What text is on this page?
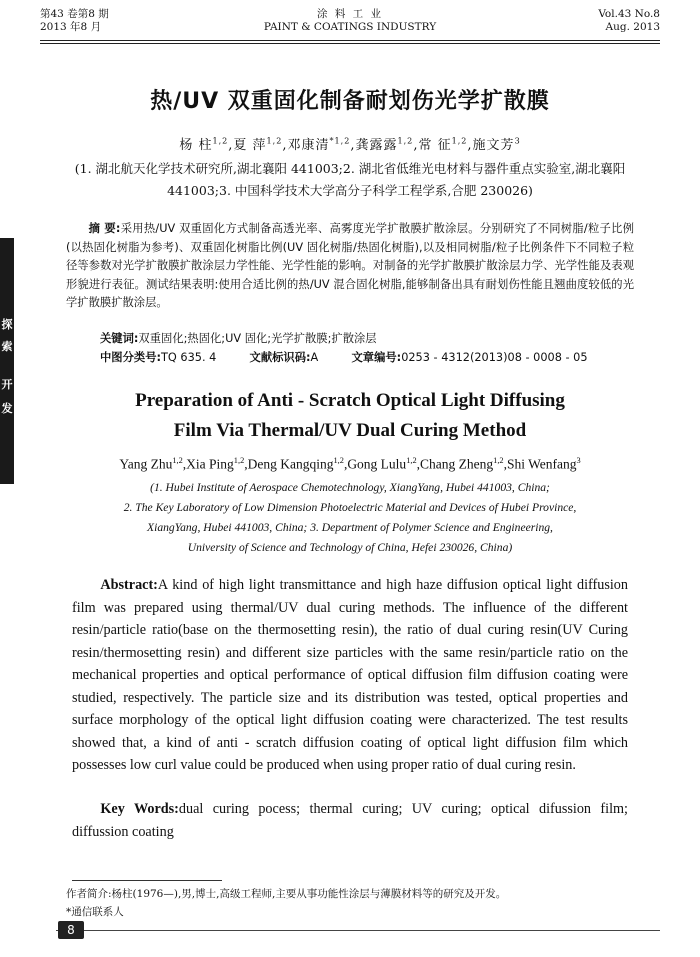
第43 卷第8 期
2013 年8 月
涂 料 工 业
PAINT & COATINGS INDUSTRY
Vol.43 No.8
Aug. 2013
探
索
开
发
热/UV 双重固化制备耐划伤光学扩散膜
杨 柱$^{1,2}$,夏 萍$^{1,2}$,邓康清$^{*1,2}$,龚露露$^{1,2}$,常 征$^{1,2}$,施文芳$^3$
(1. 湖北航天化学技术研究所,湖北襄阳 441003;2. 湖北省低维光电材料与器件重点实验室,湖北襄阳 441003;3. 中国科学技术大学高分子科学工程学系,合肥 230026)
摘 要:采用热/UV 双重固化方式制备高透光率、高雾度光学扩散膜扩散涂层。分别研究了不同树脂/粒子比例(以热固化树脂为参考)、双重固化树脂比例(UV 固化树脂/热固化树脂),以及相同树脂/粒子比例条件下不同粒子粒径等参数对光学扩散膜扩散涂层力学性能、光学性能的影响。对制备的光学扩散膜扩散涂层力学、光学性能及表观形貌进行表征。测试结果表明:使用合适比例的热/UV 混合固化树脂,能够制备出具有耐划伤性能且翘曲度较低的光学扩散膜扩散涂层。
关键词:双重固化;热固化;UV 固化;光学扩散膜;扩散涂层
中图分类号:TQ 635. 4	文献标识码:A	文章编号:0253 - 4312(2013)08 - 0008 - 05
Preparation of Anti - Scratch Optical Light Diffusing
Film Via Thermal/UV Dual Curing Method
Yang Zhu$^{1,2}$,Xia Ping$^{1,2}$,Deng Kangqing$^{1,2}$,Gong Lulu$^{1,2}$,Chang Zheng$^{1,2}$,Shi Wenfang$^3$
(1. Hubei Institute of Aerospace Chemotechnology, XiangYang, Hubei 441003, China;
2. The Key Laboratory of Low Dimension Photoelectric Material and Devices of Hubei Province,
XiangYang, Hubei 441003, China; 3. Department of Polymer Science and Engineering,
University of Science and Technology of China, Hefei 230026, China)
Abstract:A kind of high light transmittance and high haze diffusion optical light diffusion film was prepared using thermal/UV dual curing methods. The influence of the different resin/particle ratio(base on the thermosetting resin), the ratio of dual curing resin(UV Curing resin/thermosetting resin) and different size particles with the same resin/particle ratio on the mechanical properties and optical performance of optical diffusion film diffusion coating were studied, respectively. The particle size and its distribution was tested, optical properties and surface morphology of the optical light diffusion coating were characterized. The test results showed that, a kind of anti - scratch diffusion coating of optical light diffusion film which possesses low curl value could be produced when using proper ratio of dual curing resin.
Key Words:dual curing pocess; thermal curing; UV curing; optical difussion film; diffussion coating
作者简介:杨柱(1976—),男,博士,高级工程师,主要从事功能性涂层与薄膜材料等的研究及开发。
*通信联系人
8
